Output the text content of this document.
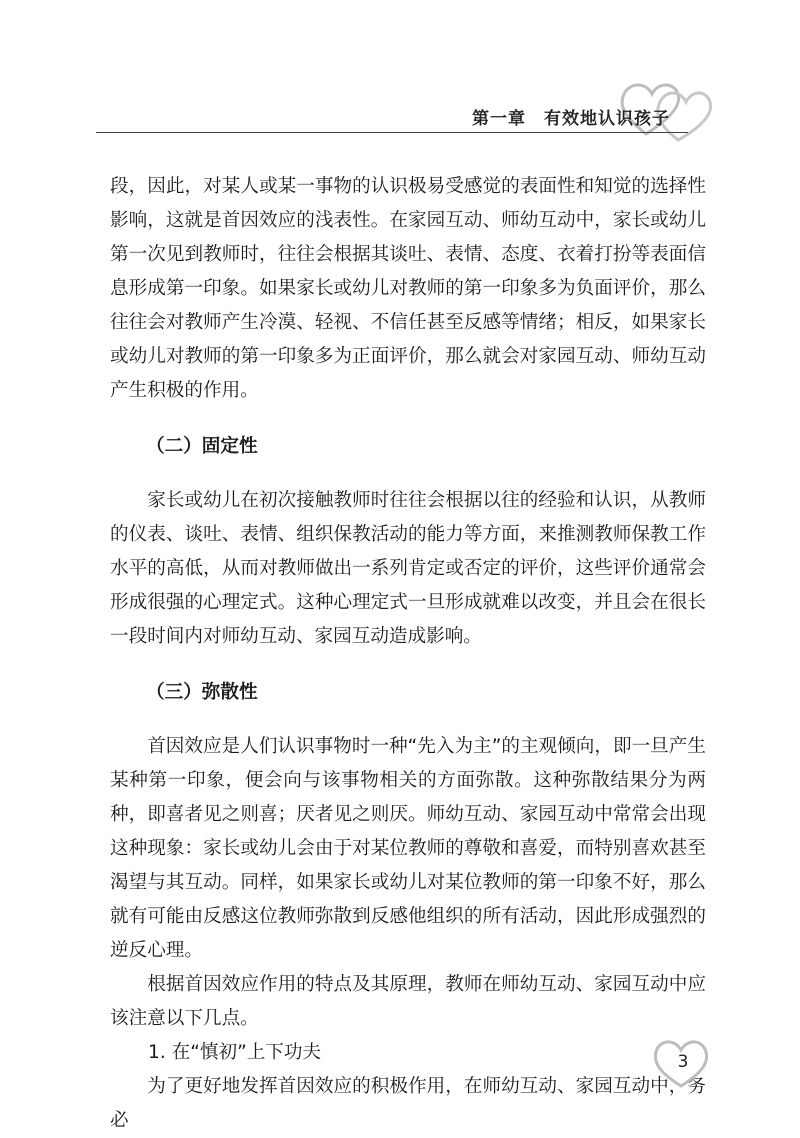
第一章　有效地认识孩子

段，因此，对某人或某一事物的认识极易受感觉的表面性和知觉的选择性影响，这就是首因效应的浅表性。在家园互动、师幼互动中，家长或幼儿第一次见到教师时，往往会根据其谈吐、表情、态度、衣着打扮等表面信息形成第一印象。如果家长或幼儿对教师的第一印象多为负面评价，那么往往会对教师产生冷漠、轻视、不信任甚至反感等情绪；相反，如果家长或幼儿对教师的第一印象多为正面评价，那么就会对家园互动、师幼互动产生积极的作用。

（二）固定性

家长或幼儿在初次接触教师时往往会根据以往的经验和认识，从教师的仪表、谈吐、表情、组织保教活动的能力等方面，来推测教师保教工作水平的高低，从而对教师做出一系列肯定或否定的评价，这些评价通常会形成很强的心理定式。这种心理定式一旦形成就难以改变，并且会在很长一段时间内对师幼互动、家园互动造成影响。

（三）弥散性

首因效应是人们认识事物时一种“先入为主”的主观倾向，即一旦产生某种第一印象，便会向与该事物相关的方面弥散。这种弥散结果分为两种，即喜者见之则喜；厌者见之则厌。师幼互动、家园互动中常常会出现这种现象：家长或幼儿会由于对某位教师的尊敬和喜爱，而特别喜欢甚至渴望与其互动。同样，如果家长或幼儿对某位教师的第一印象不好，那么就有可能由反感这位教师弥散到反感他组织的所有活动，因此形成强烈的逆反心理。

根据首因效应作用的特点及其原理，教师在师幼互动、家园互动中应该注意以下几点。

1. 在“慎初”上下功夫

为了更好地发挥首因效应的积极作用，在师幼互动、家园互动中，务必

3
